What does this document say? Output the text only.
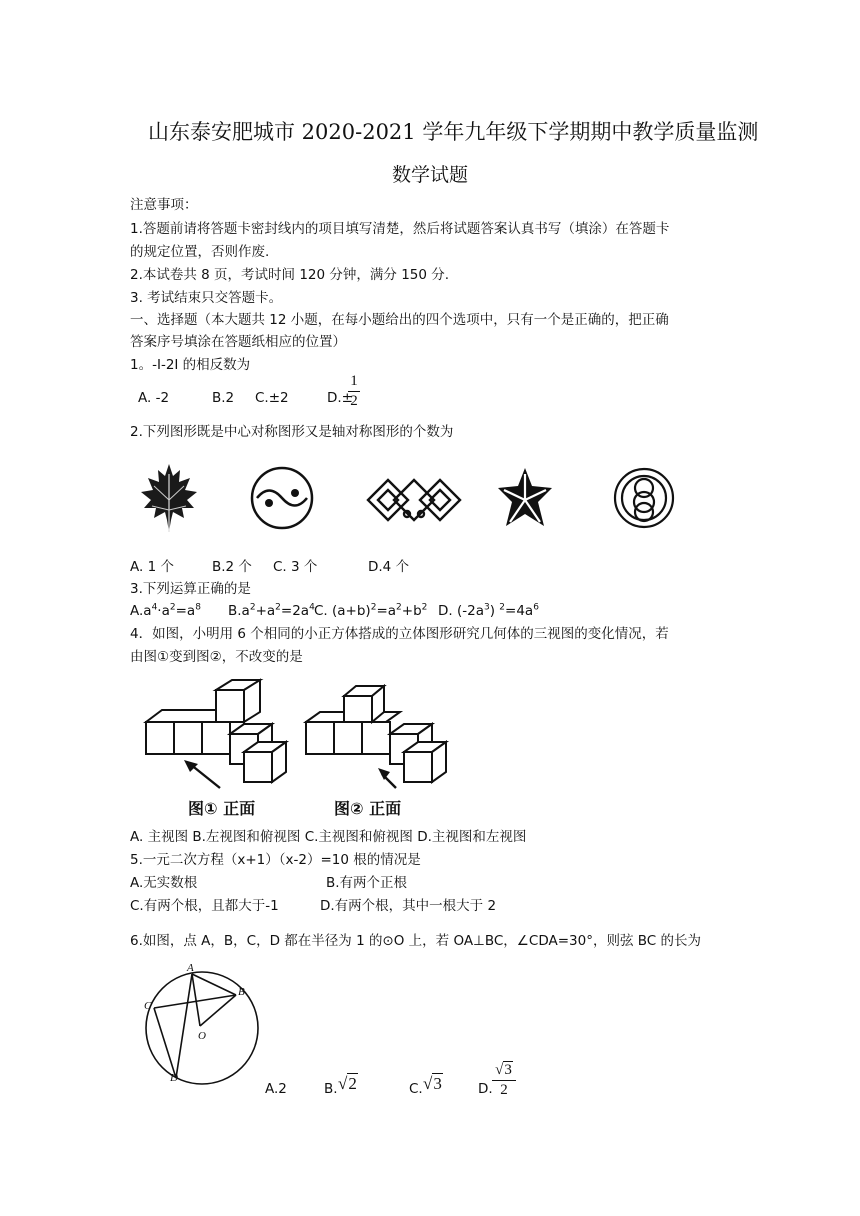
山东泰安肥城市 2020-2021 学年九年级下学期期中教学质量监测
数学试题
注意事项：
1.答题前请将答题卡密封线内的项目填写清楚，然后将试题答案认真书写（填涂）在答题卡
的规定位置，否则作废.
2.本试卷共 8 页，考试时间 120 分钟，满分 150 分.
3. 考试结束只交答题卡。
一、选择题（本大题共 12 小题，在每小题给出的四个选项中，只有一个是正确的，把正确
答案序号填涂在答题纸相应的位置）
1。-I-2I 的相反数为
A. -2	B.2 C.±2	D.±
1
2
2.下列图形既是中心对称图形又是轴对称图形的个数为
A. 1 个	B.2 个 C. 3 个	D.4 个
3.下列运算正确的是
$A.a^4\cdot a^2=a^8$ $B.a^2+a^2=2a^4$ C. $(a+b)^2=a^2+b^2$ D. $(-2a^3)$ $^2=4a^6$
4．如图，小明用 6 个相同的小正方体搭成的立体图形研究几何体的三视图的变化情况，若
由图①变到图②，不改变的是
图① 正面	图② 正面
A. 主视图 B.左视图和俯视图 C.主视图和俯视图 D.主视图和左视图
5.一元二次方程（x+1）（x-2）=10 根的情况是
A.无实数根	B.有两个正根
C.有两个根，且都大于-1	D.有两个根，其中一根大于 2
6.如图，点 A，B，C，D 都在半径为 1 的⊙O 上，若 OA⊥BC，∠CDA=30°，则弦 BC 的长为
A
B
C
O
D
A.2	B. √2	C. √3	D.
√3
2
